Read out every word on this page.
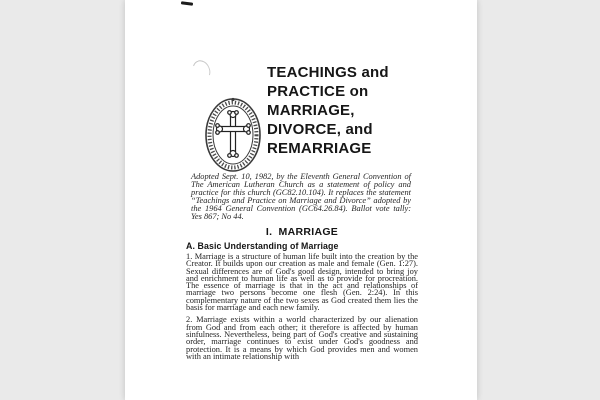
TEACHINGS and
PRACTICE on
MARRIAGE,
DIVORCE, and
REMARRIAGE
Adopted Sept. 10, 1982, by the Eleventh General Convention of The American Lutheran Church as a statement of policy and practice for this church (GC82.10.104). It replaces the statement “Teachings and Practice on Marriage and Divorce” adopted by the 1964 General Convention (GC64.26.84). Ballot vote tally: Yes 867; No 44.
I. MARRIAGE
A. Basic Understanding of Marriage

1. Marriage is a structure of human life built into the creation by the Creator. It builds upon our creation as male and female (Gen. 1:27). Sexual differences are of God's good design, intended to bring joy and enrichment to human life as well as to provide for procreation. The essence of marriage is that in the act and relationships of marriage two persons become one flesh (Gen. 2:24). In this complementary nature of the two sexes as God created them lies the basis for marriage and each new family.

2. Marriage exists within a world characterized by our alienation from God and from each other; it therefore is affected by human sinfulness. Nevertheless, being part of God's creative and sustaining order, marriage continues to exist under God's goodness and protection. It is a means by which God provides men and women with an intimate relationship with
